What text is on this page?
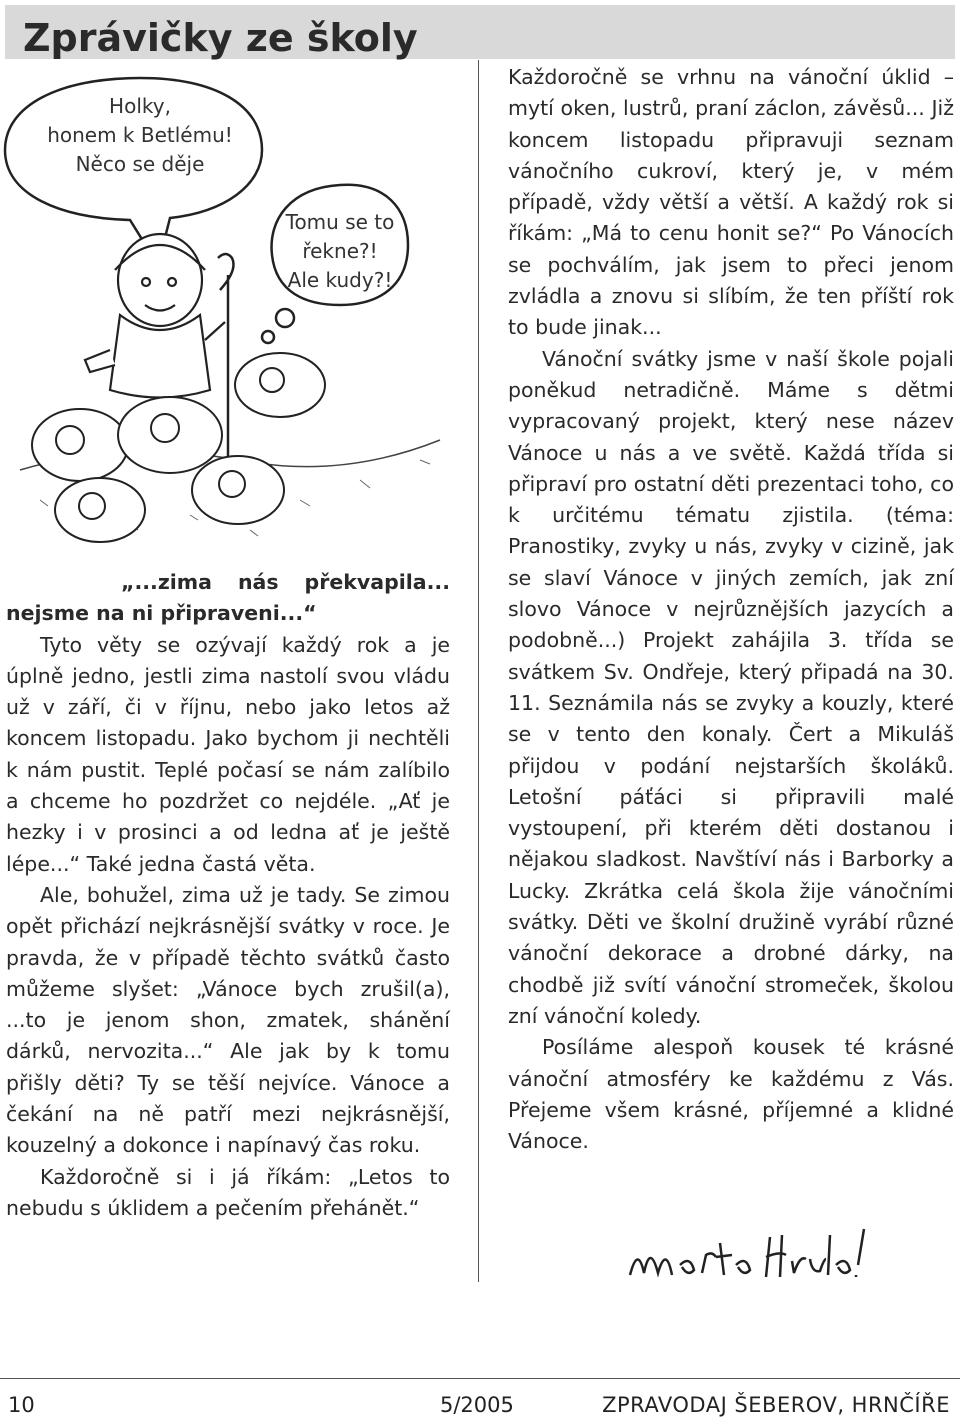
Zprávičky ze školy
Holky,
honem k Betlému!
Něco se děje
Tomu se to
řekne?!
Ale kudy?!

„...zima nás překvapila... nejsme na ni připraveni...“

Tyto věty se ozývají každý rok a je úplně jedno, jestli zima nastolí svou vládu už v září, či v říjnu, nebo jako letos až koncem listopadu. Jako bychom ji nechtěli k nám pustit. Teplé počasí se nám zalíbilo a chceme ho pozdržet co nejdéle. „Ať je hezky i v prosinci a od ledna ať je ještě lépe...“ Také jedna častá věta.

Ale, bohužel, zima už je tady. Se zimou opět přichází nejkrásnější svátky v roce. Je pravda, že v případě těchto svátků často můžeme slyšet: „Vánoce bych zrušil(a), ...to je jenom shon, zmatek, shánění dárků, nervozita...“ Ale jak by k tomu přišly děti? Ty se těší nejvíce. Vánoce a čekání na ně patří mezi nejkrásnější, kouzelný a dokonce i napínavý čas roku.

Každoročně si i já říkám: „Letos to nebudu s úklidem a pečením přehánět.“

Každoročně se vrhnu na vánoční úklid – mytí oken, lustrů, praní záclon, závěsů... Již koncem listopadu připravuji seznam vánočního cukroví, který je, v mém případě, vždy větší a větší. A každý rok si říkám: „Má to cenu honit se?“ Po Vánocích se pochválím, jak jsem to přeci jenom zvládla a znovu si slíbím, že ten příští rok to bude jinak...

Vánoční svátky jsme v naší škole pojali poněkud netradičně. Máme s dětmi vypracovaný projekt, který nese název Vánoce u nás a ve světě. Každá třída si připraví pro ostatní děti prezentaci toho, co k určitému tématu zjistila. (téma: Pranostiky, zvyky u nás, zvyky v cizině, jak se slaví Vánoce v jiných zemích, jak zní slovo Vánoce v nejrůznějších jazycích a podobně...) Projekt zahájila 3. třída se svátkem Sv. Ondřeje, který připadá na 30. 11. Seznámila nás se zvyky a kouzly, které se v tento den konaly. Čert a Mikuláš přijdou v podání nejstarších školáků. Letošní páťáci si připravili malé vystoupení, při kterém děti dostanou i nějakou sladkost. Navštíví nás i Barborky a Lucky. Zkrátka celá škola žije vánočními svátky. Děti ve školní družině vyrábí různé vánoční dekorace a drobné dárky, na chodbě již svítí vánoční stromeček, školou zní vánoční koledy.

Posíláme alespoň kousek té krásné vánoční atmosféry ke každému z Vás. Přejeme všem krásné, příjemné a klidné Vánoce.

10	5/2005	ZPRAVODAJ ŠEBEROV, HRNČÍŘE
